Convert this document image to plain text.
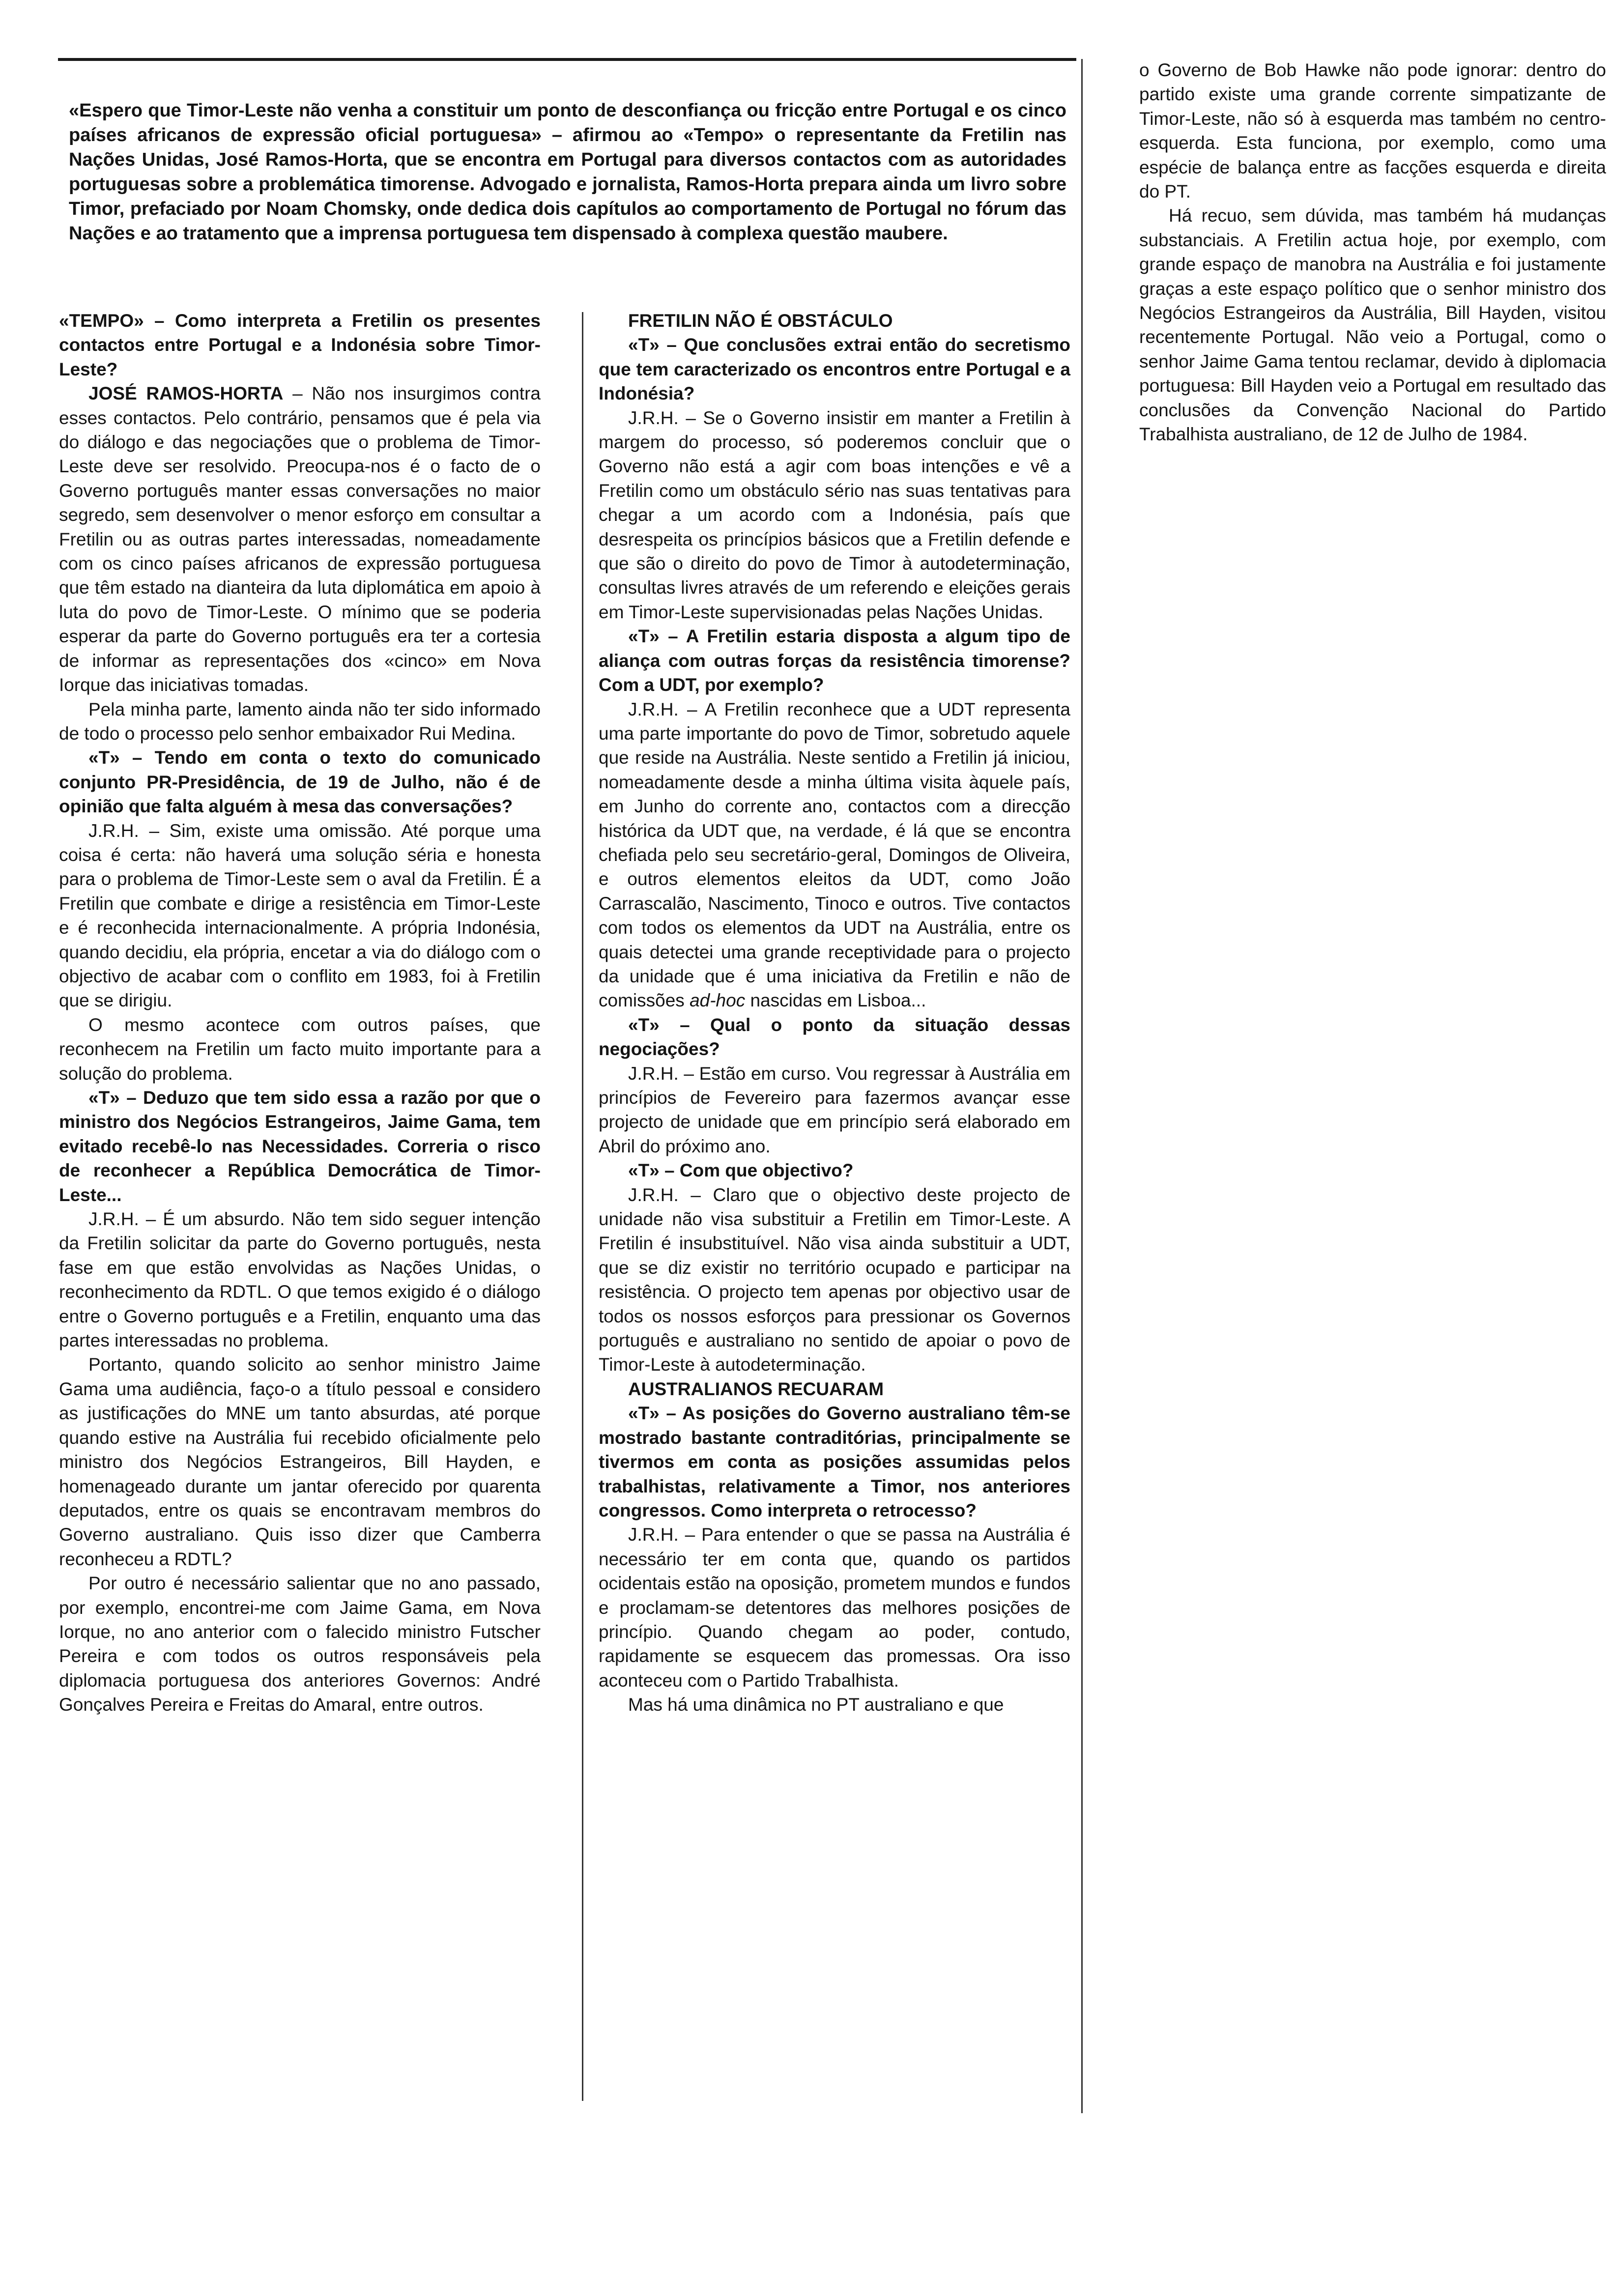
«Espero que Timor-Leste não venha a constituir um ponto de desconfiança ou fricção entre Portugal e os cinco países africanos de expressão oficial portuguesa» – afirmou ao «Tempo» o representante da Fretilin nas Nações Unidas, José Ramos-Horta, que se encontra em Portugal para diversos contactos com as autoridades portuguesas sobre a problemática timorense. Advogado e jornalista, Ramos-Horta prepara ainda um livro sobre Timor, prefaciado por Noam Chomsky, onde dedica dois capítulos ao comportamento de Portugal no fórum das Nações e ao tratamento que a imprensa portuguesa tem dispensado à complexa questão maubere.

«TEMPO» – Como interpreta a Fretilin os presentes contactos entre Portugal e a Indonésia sobre Timor-Leste?

JOSÉ RAMOS-HORTA – Não nos insurgimos contra esses contactos. Pelo contrário, pensamos que é pela via do diálogo e das negociações que o problema de Timor-Leste deve ser resolvido. Preocupa-nos é o facto de o Governo português manter essas conversações no maior segredo, sem desenvolver o menor esforço em consultar a Fretilin ou as outras partes interessadas, nomeadamente com os cinco países africanos de expressão portuguesa que têm estado na dianteira da luta diplomática em apoio à luta do povo de Timor-Leste. O mínimo que se poderia esperar da parte do Governo português era ter a cortesia de informar as representações dos «cinco» em Nova Iorque das iniciativas tomadas.

Pela minha parte, lamento ainda não ter sido informado de todo o processo pelo senhor embaixador Rui Medina.

«T» – Tendo em conta o texto do comunicado conjunto PR-Presidência, de 19 de Julho, não é de opinião que falta alguém à mesa das conversações?

J.R.H. – Sim, existe uma omissão. Até porque uma coisa é certa: não haverá uma solução séria e honesta para o problema de Timor-Leste sem o aval da Fretilin. É a Fretilin que combate e dirige a resistência em Timor-Leste e é reconhecida internacionalmente. A própria Indonésia, quando decidiu, ela própria, encetar a via do diálogo com o objectivo de acabar com o conflito em 1983, foi à Fretilin que se dirigiu.

O mesmo acontece com outros países, que reconhecem na Fretilin um facto muito importante para a solução do problema.

«T» – Deduzo que tem sido essa a razão por que o ministro dos Negócios Estrangeiros, Jaime Gama, tem evitado recebê-lo nas Necessidades. Correria o risco de reconhecer a República Democrática de Timor-Leste...

J.R.H. – É um absurdo. Não tem sido seguer intenção da Fretilin solicitar da parte do Governo português, nesta fase em que estão envolvidas as Nações Unidas, o reconhecimento da RDTL. O que temos exigido é o diálogo entre o Governo português e a Fretilin, enquanto uma das partes interessadas no problema.

Portanto, quando solicito ao senhor ministro Jaime Gama uma audiência, faço-o a título pessoal e considero as justificações do MNE um tanto absurdas, até porque quando estive na Austrália fui recebido oficialmente pelo ministro dos Negócios Estrangeiros, Bill Hayden, e homenageado durante um jantar oferecido por quarenta deputados, entre os quais se encontravam membros do Governo australiano. Quis isso dizer que Camberra reconheceu a RDTL?

Por outro é necessário salientar que no ano passado, por exemplo, encontrei-me com Jaime Gama, em Nova Iorque, no ano anterior com o falecido ministro Futscher Pereira e com todos os outros responsáveis pela diplomacia portuguesa dos anteriores Governos: André Gonçalves Pereira e Freitas do Amaral, entre outros.

FRETILIN NÃO É OBSTÁCULO

«T» – Que conclusões extrai então do secretismo que tem caracterizado os encontros entre Portugal e a Indonésia?

J.R.H. – Se o Governo insistir em manter a Fretilin à margem do processo, só poderemos concluir que o Governo não está a agir com boas intenções e vê a Fretilin como um obstáculo sério nas suas tentativas para chegar a um acordo com a Indonésia, país que desrespeita os princípios básicos que a Fretilin defende e que são o direito do povo de Timor à autodeterminação, consultas livres através de um referendo e eleições gerais em Timor-Leste supervisionadas pelas Nações Unidas.

«T» – A Fretilin estaria disposta a algum tipo de aliança com outras forças da resistência timorense? Com a UDT, por exemplo?

J.R.H. – A Fretilin reconhece que a UDT representa uma parte importante do povo de Timor, sobretudo aquele que reside na Austrália. Neste sentido a Fretilin já iniciou, nomeadamente desde a minha última visita àquele país, em Junho do corrente ano, contactos com a direcção histórica da UDT que, na verdade, é lá que se encontra chefiada pelo seu secretário-geral, Domingos de Oliveira, e outros elementos eleitos da UDT, como João Carrascalão, Nascimento, Tinoco e outros. Tive contactos com todos os elementos da UDT na Austrália, entre os quais detectei uma grande receptividade para o projecto da unidade que é uma iniciativa da Fretilin e não de comissões ad-hoc nascidas em Lisboa...

«T» – Qual o ponto da situação dessas negociações?

J.R.H. – Estão em curso. Vou regressar à Austrália em princípios de Fevereiro para fazermos avançar esse projecto de unidade que em princípio será elaborado em Abril do próximo ano.

«T» – Com que objectivo?

J.R.H. – Claro que o objectivo deste projecto de unidade não visa substituir a Fretilin em Timor-Leste. A Fretilin é insubstituível. Não visa ainda substituir a UDT, que se diz existir no território ocupado e participar na resistência. O projecto tem apenas por objectivo usar de todos os nossos esforços para pressionar os Governos português e australiano no sentido de apoiar o povo de Timor-Leste à autodeterminação.

AUSTRALIANOS RECUARAM

«T» – As posições do Governo australiano têm-se mostrado bastante contraditórias, principalmente se tivermos em conta as posições assumidas pelos trabalhistas, relativamente a Timor, nos anteriores congressos. Como interpreta o retrocesso?

J.R.H. – Para entender o que se passa na Austrália é necessário ter em conta que, quando os partidos ocidentais estão na oposição, prometem mundos e fundos e proclamam-se detentores das melhores posições de princípio. Quando chegam ao poder, contudo, rapidamente se esquecem das promessas. Ora isso aconteceu com o Partido Trabalhista.

Mas há uma dinâmica no PT australiano e que

o Governo de Bob Hawke não pode ignorar: dentro do partido existe uma grande corrente simpatizante de Timor-Leste, não só à esquerda mas também no centro-esquerda. Esta funciona, por exemplo, como uma espécie de balança entre as facções esquerda e direita do PT.

Há recuo, sem dúvida, mas também há mudanças substanciais. A Fretilin actua hoje, por exemplo, com grande espaço de manobra na Austrália e foi justamente graças a este espaço político que o senhor ministro dos Negócios Estrangeiros da Austrália, Bill Hayden, visitou recentemente Portugal. Não veio a Portugal, como o senhor Jaime Gama tentou reclamar, devido à diplomacia portuguesa: Bill Hayden veio a Portugal em resultado das conclusões da Convenção Nacional do Partido Trabalhista australiano, de 12 de Julho de 1984.
